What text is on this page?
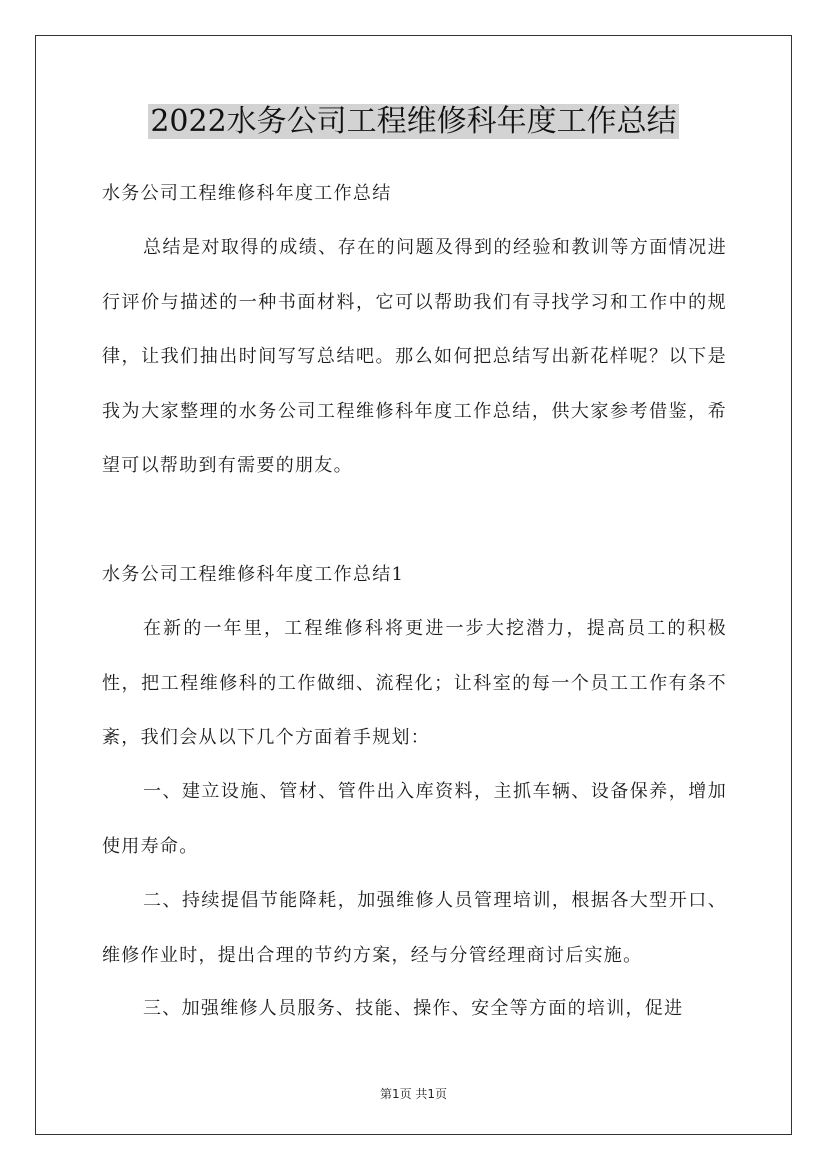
2022水务公司工程维修科年度工作总结
水务公司工程维修科年度工作总结
总结是对取得的成绩、存在的问题及得到的经验和教训等方面情况进行评价与描述的一种书面材料，它可以帮助我们有寻找学习和工作中的规律，让我们抽出时间写写总结吧。那么如何把总结写出新花样呢？以下是我为大家整理的水务公司工程维修科年度工作总结，供大家参考借鉴，希望可以帮助到有需要的朋友。
水务公司工程维修科年度工作总结1
在新的一年里，工程维修科将更进一步大挖潜力，提高员工的积极性，把工程维修科的工作做细、流程化；让科室的每一个员工工作有条不紊，我们会从以下几个方面着手规划：
一、建立设施、管材、管件出入库资料，主抓车辆、设备保养，增加使用寿命。
二、持续提倡节能降耗，加强维修人员管理培训，根据各大型开口、维修作业时，提出合理的节约方案，经与分管经理商讨后实施。
三、加强维修人员服务、技能、操作、安全等方面的培训，促进
第1页 共1页
